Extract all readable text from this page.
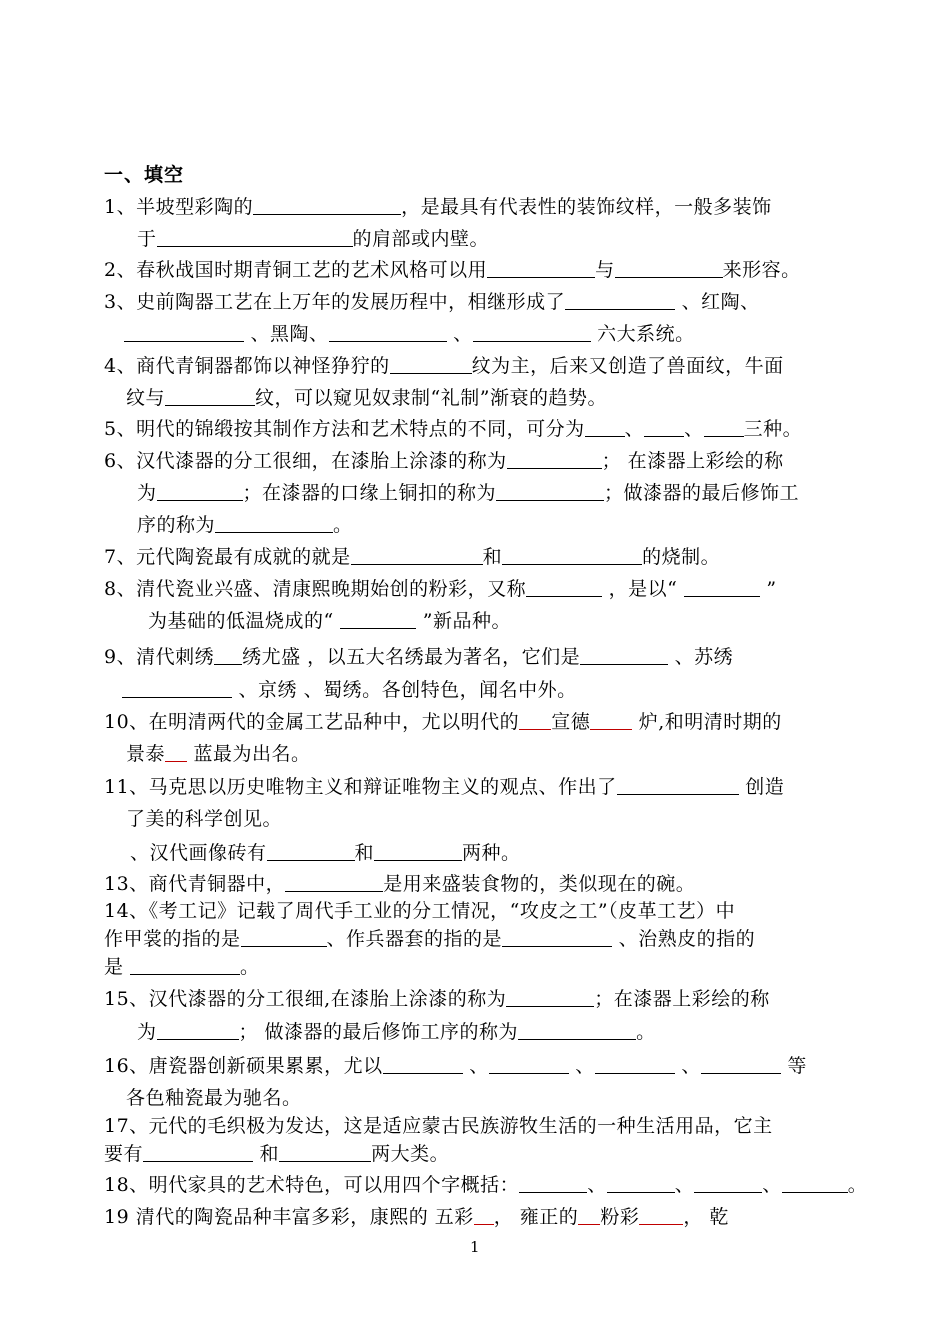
一、填空
1、半坡型彩陶的	，是最具有代表性的装饰纹样，一般多装饰
于	的肩部或内壁。
2、春秋战国时期青铜工艺的艺术风格可以用	与	来形容。
3、史前陶器工艺在上万年的发展历程中，相继形成了	、红陶、
、黑陶、	、	六大系统。
4、商代青铜器都饰以神怪狰狞的	纹为主，后来又创造了兽面纹，牛面
纹与	纹，可以窥见奴隶制“礼制”渐衰的趋势。
5、明代的锦缎按其制作方法和艺术特点的不同，可分为 、 、 三种。
6、汉代漆器的分工很细，在漆胎上涂漆的称为	； 在漆器上彩绘的称
为	；在漆器的口缘上铜扣的称为	；做漆器的最后修饰工
序的称为	。
7、元代陶瓷最有成就的就是	和	的烧制。
8、清代瓷业兴盛、清康熙晚期始创的粉彩，又称	，是以“	”
为基础的低温烧成的“	”新品种。
9、清代刺绣 绣尤盛 ，以五大名绣最为著名，它们是	、苏绣
、京绣 、蜀绣。各创特色，闻名中外。
10、在明清两代的金属工艺品种中，尤以明代的 宣德 炉,和明清时期的
景泰 蓝最为出名。
11、马克思以历史唯物主义和辩证唯物主义的观点、作出了	创造
了美的科学创见。
、汉代画像砖有	和	两种。
13、商代青铜器中，	是用来盛装食物的，类似现在的碗。
14、《考工记》记载了周代手工业的分工情况，“攻皮之工”（皮革工艺）中
作甲裳的指的是	、作兵器套的指的是	、治熟皮的指的
是	。
15、汉代漆器的分工很细,在漆胎上涂漆的称为	；在漆器上彩绘的称
为	； 做漆器的最后修饰工序的称为	。
16、唐瓷器创新硕果累累，尤以	、	、	、	等
各色釉瓷最为驰名。
17、元代的毛织极为发达，这是适应蒙古民族游牧生活的一种生活用品，它主
要有	和	两大类。
18、明代家具的艺术特色，可以用四个字概括：	、	、	、	。
19 清代的陶瓷品种丰富多彩，康熙的 五彩 ， 雍正的 粉彩 ， 乾
1
